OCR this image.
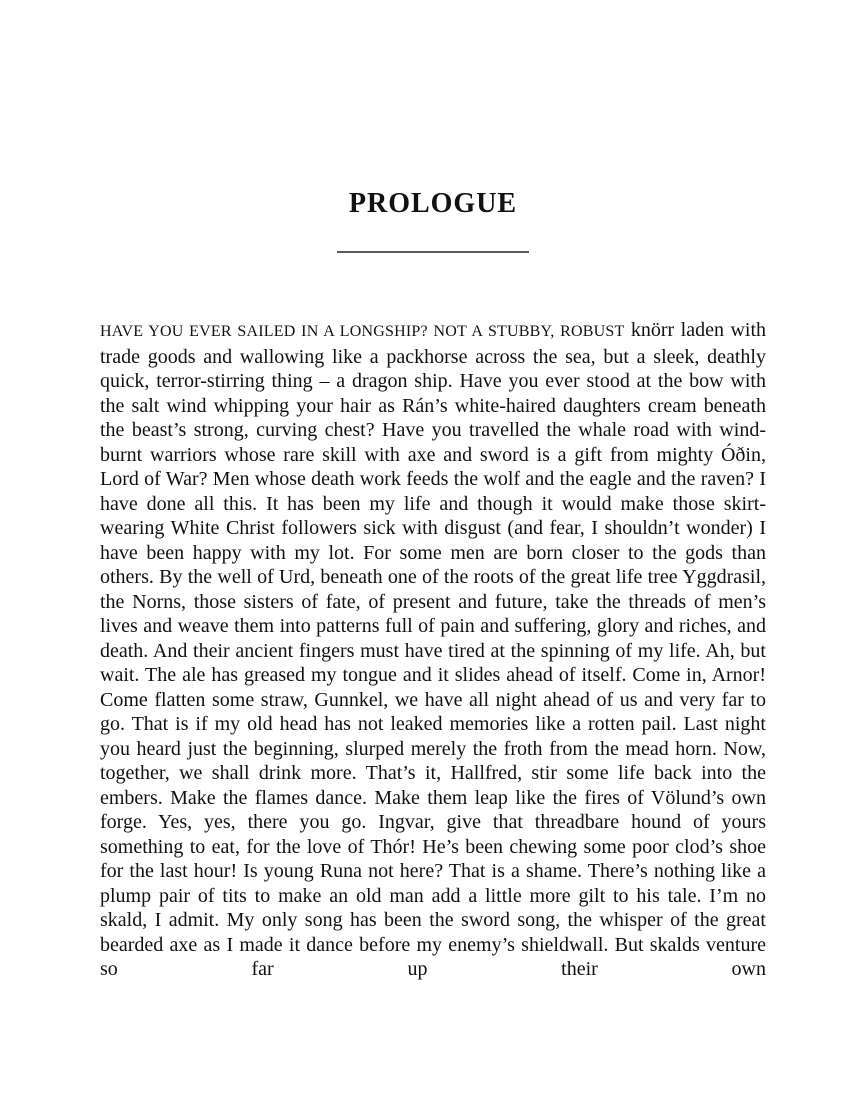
PROLOGUE

HAVE YOU EVER SAILED IN A LONGSHIP? NOT A STUBBY, ROBUST knörr laden with trade goods and wallowing like a packhorse across the sea, but a sleek, deathly quick, terror-stirring thing – a dragon ship. Have you ever stood at the bow with the salt wind whipping your hair as Rán’s white-haired daughters cream beneath the beast’s strong, curving chest? Have you travelled the whale road with wind-burnt warriors whose rare skill with axe and sword is a gift from mighty Óðin, Lord of War? Men whose death work feeds the wolf and the eagle and the raven? I have done all this. It has been my life and though it would make those skirt-wearing White Christ followers sick with disgust (and fear, I shouldn’t wonder) I have been happy with my lot. For some men are born closer to the gods than others. By the well of Urd, beneath one of the roots of the great life tree Yggdrasil, the Norns, those sisters of fate, of present and future, take the threads of men’s lives and weave them into patterns full of pain and suffering, glory and riches, and death. And their ancient fingers must have tired at the spinning of my life. Ah, but wait. The ale has greased my tongue and it slides ahead of itself. Come in, Arnor! Come flatten some straw, Gunnkel, we have all night ahead of us and very far to go. That is if my old head has not leaked memories like a rotten pail. Last night you heard just the beginning, slurped merely the froth from the mead horn. Now, together, we shall drink more. That’s it, Hallfred, stir some life back into the embers. Make the flames dance. Make them leap like the fires of Völund’s own forge. Yes, yes, there you go. Ingvar, give that threadbare hound of yours something to eat, for the love of Thór! He’s been chewing some poor clod’s shoe for the last hour! Is young Runa not here? That is a shame. There’s nothing like a plump pair of tits to make an old man add a little more gilt to his tale. I’m no skald, I admit. My only song has been the sword song, the whisper of the great bearded axe as I made it dance before my enemy’s shieldwall. But skalds venture so far up their own
